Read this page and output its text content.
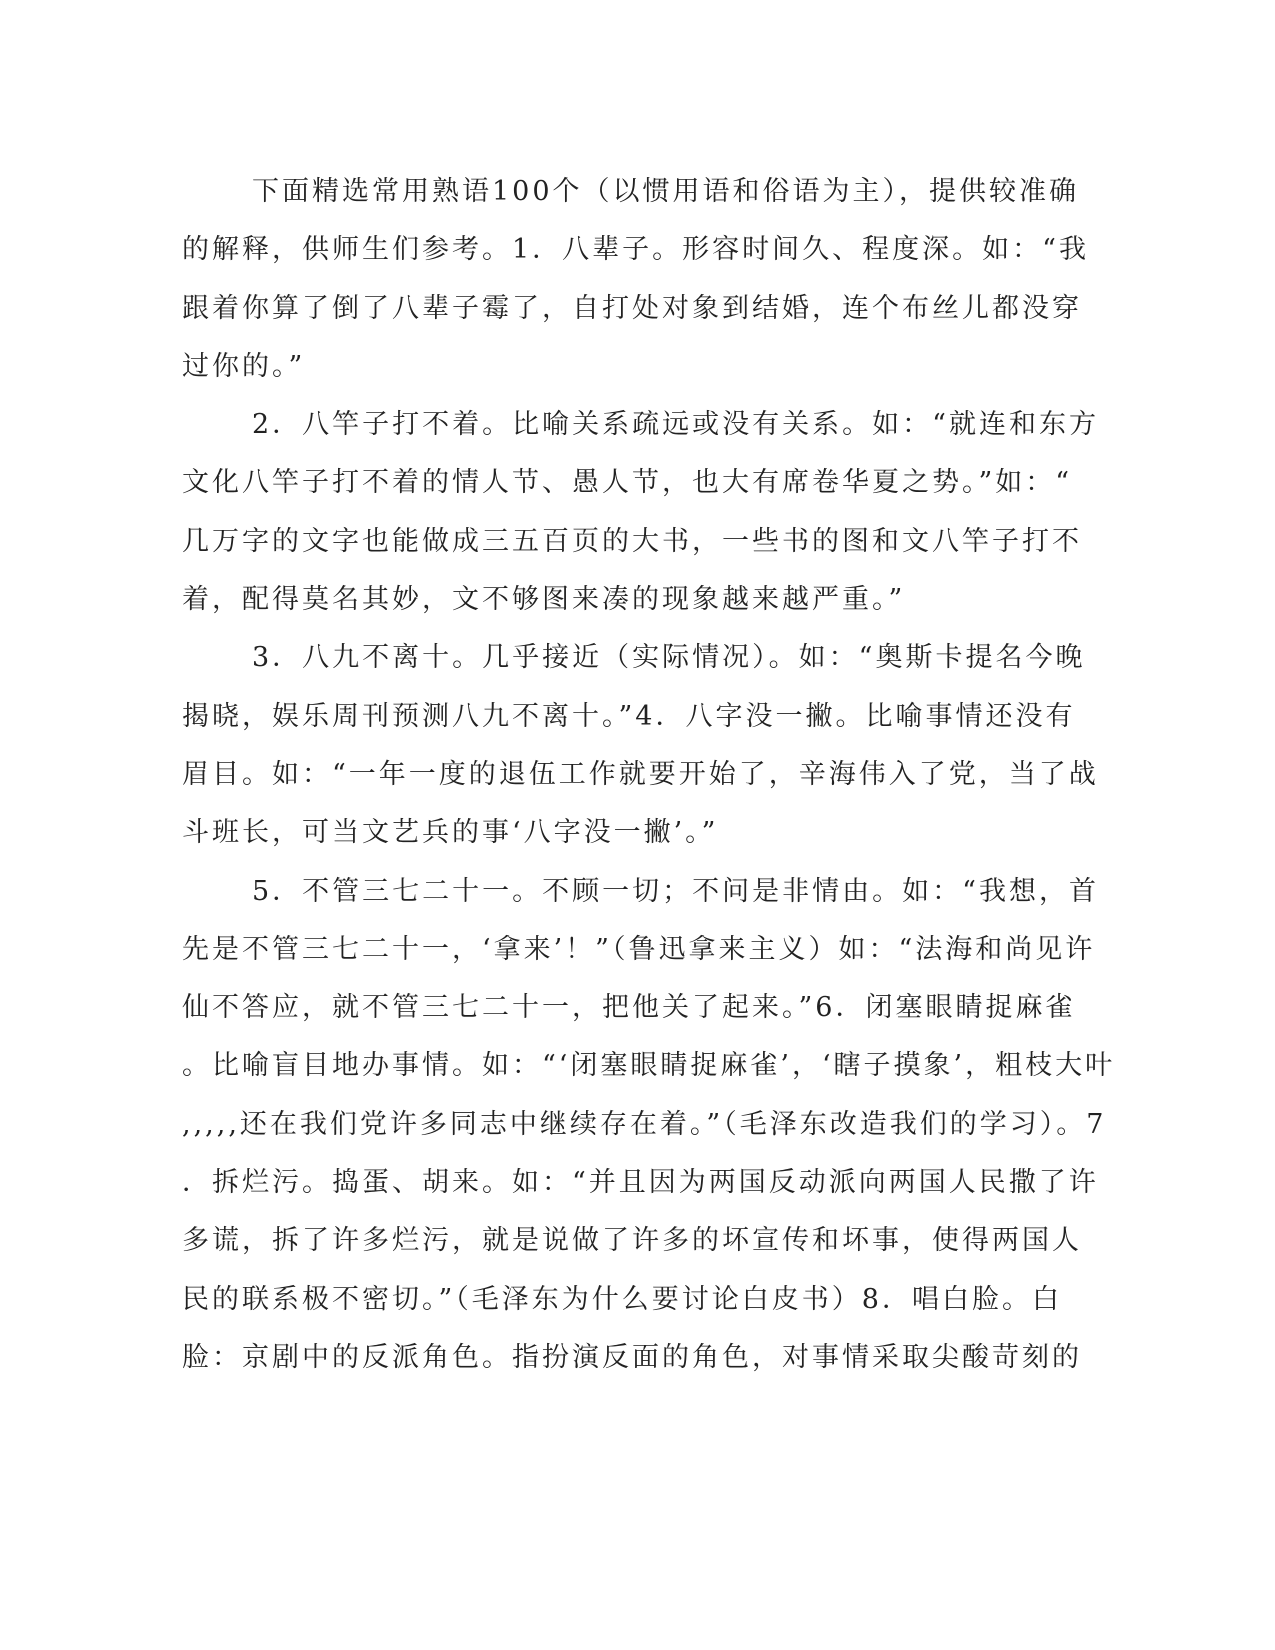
下面精选常用熟语100个（以惯用语和俗语为主），提供较准确
的解释，供师生们参考。1．八辈子。形容时间久、程度深。如：“我
跟着你算了倒了八辈子霉了，自打处对象到结婚，连个布丝儿都没穿
过你的。”
2．八竿子打不着。比喻关系疏远或没有关系。如：“就连和东方
文化八竿子打不着的情人节、愚人节，也大有席卷华夏之势。”如：“
几万字的文字也能做成三五百页的大书，一些书的图和文八竿子打不
着，配得莫名其妙，文不够图来凑的现象越来越严重。”
3．八九不离十。几乎接近（实际情况）。如：“奥斯卡提名今晚
揭晓，娱乐周刊预测八九不离十。”4．八字没一撇。比喻事情还没有
眉目。如：“一年一度的退伍工作就要开始了，辛海伟入了党，当了战
斗班长，可当文艺兵的事‘八字没一撇’。”
5．不管三七二十一。不顾一切；不问是非情由。如：“我想，首
先是不管三七二十一，‘拿来’！”（鲁迅拿来主义）如：“法海和尚见许
仙不答应，就不管三七二十一，把他关了起来。”6．闭塞眼睛捉麻雀
。比喻盲目地办事情。如：“‘闭塞眼睛捉麻雀’，‘瞎子摸象’，粗枝大叶
,,,,,还在我们党许多同志中继续存在着。”（毛泽东改造我们的学习）。7
．拆烂污。捣蛋、胡来。如：“并且因为两国反动派向两国人民撒了许
多谎，拆了许多烂污，就是说做了许多的坏宣传和坏事，使得两国人
民的联系极不密切。”（毛泽东为什么要讨论白皮书）8．唱白脸。白
脸：京剧中的反派角色。指扮演反面的角色，对事情采取尖酸苛刻的
